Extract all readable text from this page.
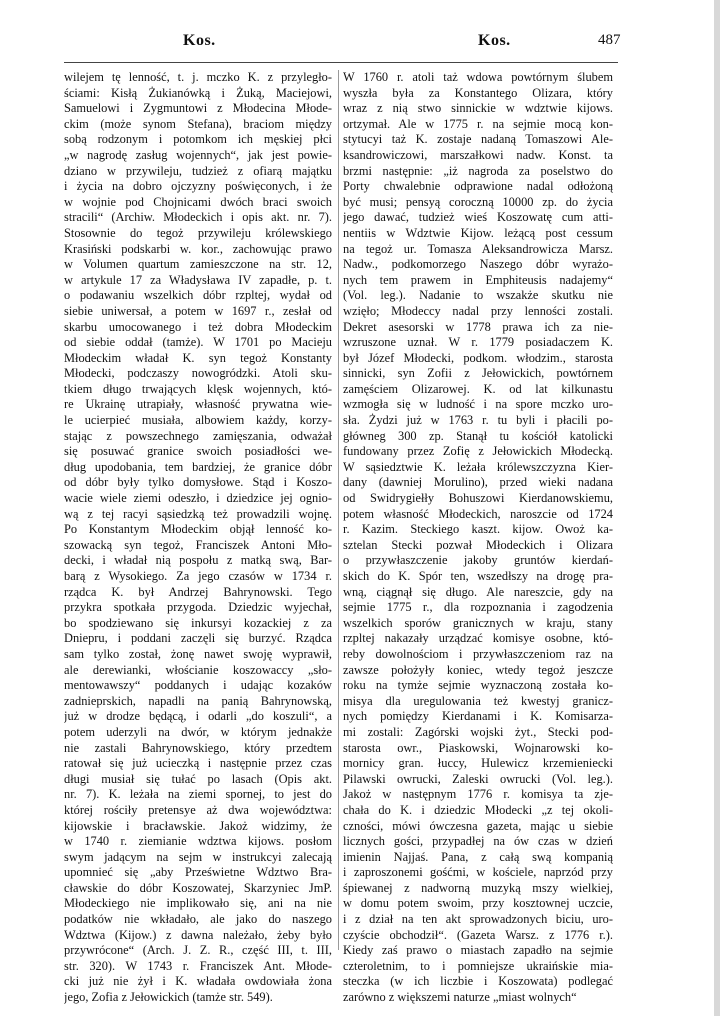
Kos.	Kos.	487
wilejem tę lenność, t. j. mczko K. z przyległo-
ściami: Kisłą Żukianówką i Żuką, Maciejowi,
Samuelowi i Zygmuntowi z Młodecina Młode-
ckim (może synom Stefana), braciom między
sobą rodzonym i potomkom ich męskiej płci
„w nagrodę zasług wojennych“, jak jest powie-
dziano w przywileju, tudzież z ofiarą majątku
i życia na dobro ojczyzny poświęconych, i że
w wojnie pod Chojnicami dwóch braci swoich
stracili“ (Archiw. Młodeckich i opis akt. nr. 7).
Stosownie do tegoż przywileju królewskiego
Krasiński podskarbi w. kor., zachowując prawo
w Volumen quartum zamieszczone na str. 12,
w artykule 17 za Władysława IV zapadłe, p. t.
o podawaniu wszelkich dóbr rzpltej, wydał od
siebie uniwersał, a potem w 1697 r., zesłał od
skarbu umocowanego i też dobra Młodeckim
od siebie oddał (tamże). W 1701 po Macieju
Młodeckim władał K. syn tegoż Konstanty
Młodecki, podczaszy nowogródzki. Atoli sku-
tkiem długo trwających klęsk wojennych, któ-
re Ukrainę utrapiały, własność prywatna wie-
le ucierpieć musiała, albowiem każdy, korzy-
stając z powszechnego zamięszania, odważał
się posuwać granice swoich posiadłości we-
dług upodobania, tem bardziej, że granice dóbr
od dóbr były tylko domysłowe. Stąd i Koszo-
wacie wiele ziemi odeszło, i dziedzice jej ognio-
wą z tej racyi sąsiedzką też prowadzili wojnę.
Po Konstantym Młodeckim objął lenność ko-
szowacką syn tegoż, Franciszek Antoni Mło-
decki, i władał nią pospołu z matką swą, Bar-
barą z Wysokiego. Za jego czasów w 1734 r.
rządca K. był Andrzej Bahrynowski. Tego
przykra spotkała przygoda. Dziedzic wyjechał,
bo spodziewano się inkursyi kozackiej z za
Dniepru, i poddani zaczęli się burzyć. Rządca
sam tylko został, żonę nawet swoję wyprawił,
ale derewianki, włościanie koszowaccy „sło-
mentowawszy“ poddanych i udając kozaków
zadnieprskich, napadli na panią Bahrynowską,
już w drodze będącą, i odarli „do koszuli“, a
potem uderzyli na dwór, w którym jednakże
nie zastali Bahrynowskiego, który przedtem
ratował się już ucieczką i następnie przez czas
długi musiał się tułać po lasach (Opis akt.
nr. 7). K. leżała na ziemi spornej, to jest do
której rościły pretensye aż dwa województwa:
kijowskie i bracławskie. Jakoż widzimy, że
w 1740 r. ziemianie wdztwa kijows. posłom
swym jadącym na sejm w instrukcyi zalecają
upomnieć się „aby Prześwietne Wdztwo Bra-
cławskie do dóbr Koszowatej, Skarzyniec JmP.
Młodeckiego nie implikowało się, ani na nie
podatków nie wkładało, ale jako do naszego
Wdztwa (Kijow.) z dawna należało, żeby było
przywrócone“ (Arch. J. Z. R., część III, t. III,
str. 320). W 1743 r. Franciszek Ant. Młode-
cki już nie żył i K. władała owdowiała żona
jego, Zofia z Jełowickich (tamże str. 549).
W 1760 r. atoli taż wdowa powtórnym ślubem
wyszła była za Konstantego Olizara, który
wraz z nią stwo sinnickie w wdztwie kijows.
ortzymał. Ale w 1775 r. na sejmie mocą kon-
stytucyi taż K. zostaje nadaną Tomaszowi Ale-
ksandrowiczowi, marszałkowi nadw. Konst. ta
brzmi następnie: „iż nagroda za poselstwo do
Porty chwalebnie odprawione nadal odłożoną
być musi; pensyą coroczną 10000 zp. do życia
jego dawać, tudzież wieś Koszowatę cum atti-
nentiis w Wdztwie Kijow. leżącą post cessum
na tegoż ur. Tomasza Aleksandrowicza Marsz.
Nadw., podkomorzego Naszego dóbr wyrażo-
nych tem prawem in Emphiteusis nadajemy“
(Vol. leg.). Nadanie to wszakże skutku nie
wzięło; Młodeccy nadal przy lenności zostali.
Dekret asesorski w 1778 prawa ich za nie-
wzruszone uznał. W r. 1779 posiadaczem K.
był Józef Młodecki, podkom. włodzim., starosta
sinnicki, syn Zofii z Jełowickich, powtórnem
zamęściem Olizarowej. K. od lat kilkunastu
wzmogła się w ludność i na spore mczko uro-
sła. Żydzi już w 1763 r. tu byli i płacili po-
główneg 300 zp. Stanął tu kościół katolicki
fundowany przez Zofię z Jełowickich Młodecką.
W sąsiedztwie K. leżała królewszczyzna Kier-
dany (dawniej Morulino), przed wieki nadana
od Swidrygiełły Bohuszowi Kierdanowskiemu,
potem własność Młodeckich, naroszcie od 1724
r. Kazim. Steckiego kaszt. kijow. Owoż ka-
sztelan Stecki pozwał Młodeckich i Olizara
o przywłaszczenie jakoby gruntów kierdań-
skich do K. Spór ten, wszedłszy na drogę pra-
wną, ciągnął się długo. Ale nareszcie, gdy na
sejmie 1775 r., dla rozpoznania i zagodzenia
wszelkich sporów granicznych w kraju, stany
rzpltej nakazały urządzać komisye osobne, któ-
reby dowolnościom i przywłaszczeniom raz na
zawsze położyły koniec, wtedy tegoż jeszcze
roku na tymże sejmie wyznaczoną została ko-
misya dla uregulowania też kwestyj granicz-
nych pomiędzy Kierdanami i K. Komisarza-
mi zostali: Zagórski wojski żyt., Stecki pod-
starosta owr., Piaskowski, Wojnarowski ko-
mornicy gran. łuccy, Hulewicz krzemieniecki
Pilawski owrucki, Zaleski owrucki (Vol. leg.).
Jakoż w następnym 1776 r. komisya ta zje-
chała do K. i dziedzic Młodecki „z tej okoli-
czności, mówi ówczesna gazeta, mając u siebie
licznych gości, przypadłej na ów czas w dzień
imienin Najjaś. Pana, z całą swą kompanią
i zaproszonemi gośćmi, w kościele, naprzód przy
śpiewanej z nadworną muzyką mszy wielkiej,
w domu potem swoim, przy kosztownej uczcie,
i z dział na ten akt sprowadzonych biciu, uro-
czyście obchodził“. (Gazeta Warsz. z 1776 r.).
Kiedy zaś prawo o miastach zapadło na sejmie
czteroletnim, to i pomniejsze ukraińskie mia-
steczka (w ich liczbie i Koszowata) podlegać
zarówno z większemi naturze „miast wolnych“
